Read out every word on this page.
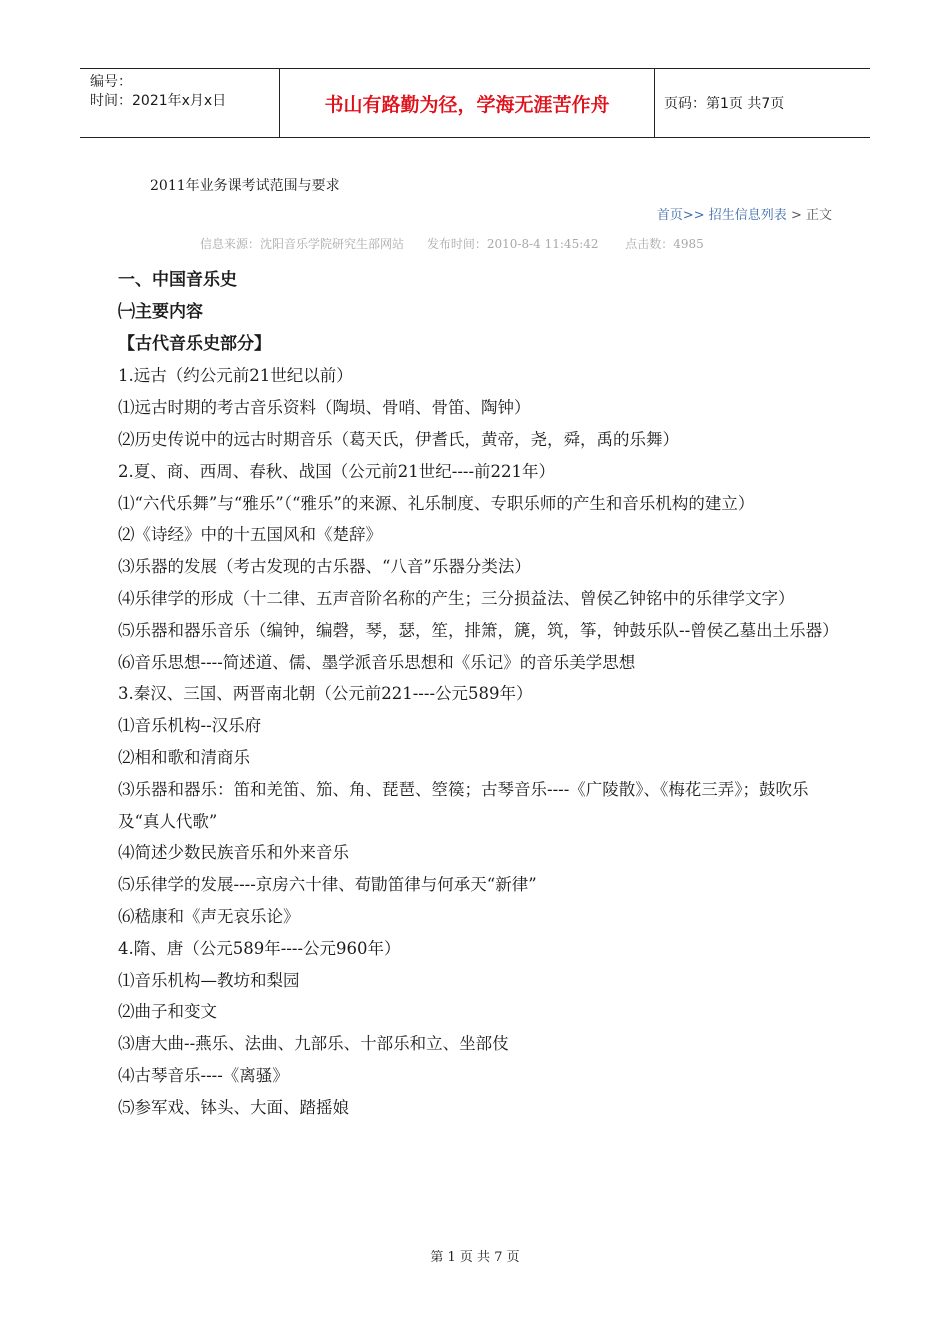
编号：
时间：2021年x月x日	书山有路勤为径，学海无涯苦作舟	页码：第1页 共7页
2011年业务课考试范围与要求
首页>> 招生信息列表 > 正文
信息来源：沈阳音乐学院研究生部网站      发布时间：2010-8-4 11:45:42       点击数：4985
一、中国音乐史
㈠主要内容
【古代音乐史部分】
1.远古（约公元前21世纪以前）
⑴远古时期的考古音乐资料（陶埙、骨哨、骨笛、陶钟）
⑵历史传说中的远古时期音乐（葛天氏，伊耆氏，黄帝，尧，舜，禹的乐舞）
2.夏、商、西周、春秋、战国（公元前21世纪----前221年）
⑴“六代乐舞”与“雅乐”（“雅乐”的来源、礼乐制度、专职乐师的产生和音乐机构的建立）
⑵《诗经》中的十五国风和《楚辞》
⑶乐器的发展（考古发现的古乐器、“八音”乐器分类法）
⑷乐律学的形成（十二律、五声音阶名称的产生；三分损益法、曾侯乙钟铭中的乐律学文字）
⑸乐器和器乐音乐（编钟，编磬，琴，瑟，笙，排箫，篪，筑，筝，钟鼓乐队--曾侯乙墓出土乐器）
⑹音乐思想----简述道、儒、墨学派音乐思想和《乐记》的音乐美学思想
3.秦汉、三国、两晋南北朝（公元前221----公元589年）
⑴音乐机构--汉乐府
⑵相和歌和清商乐
⑶乐器和器乐：笛和羌笛、笳、角、琵琶、箜篌；古琴音乐----《广陵散》、《梅花三弄》；鼓吹乐及“真人代歌”
⑷简述少数民族音乐和外来音乐
⑸乐律学的发展----京房六十律、荀勖笛律与何承天“新律”
⑹嵇康和《声无哀乐论》
4.隋、唐（公元589年----公元960年）
⑴音乐机构—教坊和梨园
⑵曲子和变文
⑶唐大曲--燕乐、法曲、九部乐、十部乐和立、坐部伎
⑷古琴音乐----《离骚》
⑸参军戏、钵头、大面、踏摇娘
第 1 页 共 7 页
